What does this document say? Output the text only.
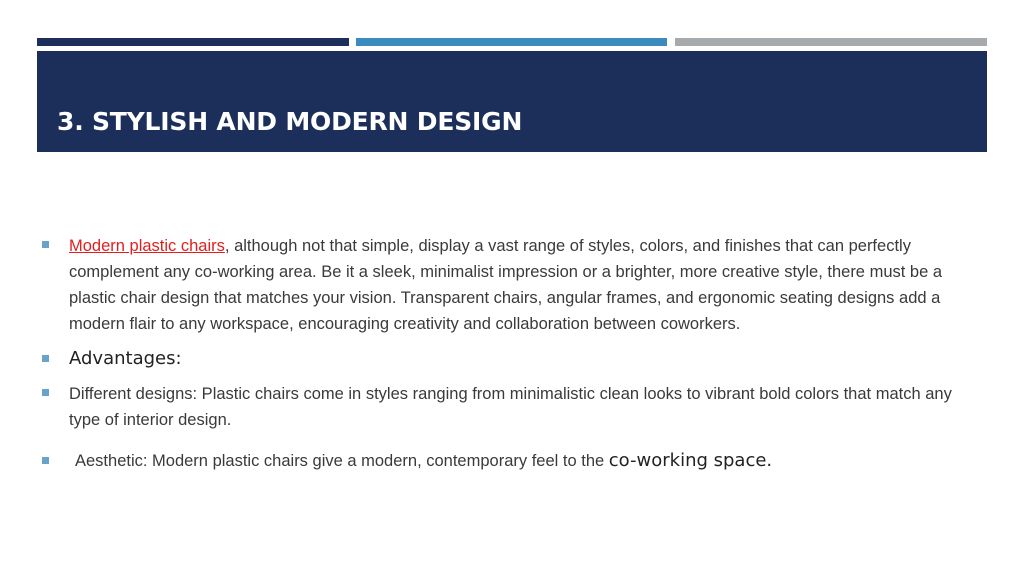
3. STYLISH AND MODERN DESIGN
Modern plastic chairs, although not that simple, display a vast range of styles, colors, and finishes that can perfectly complement any co-working area. Be it a sleek, minimalist impression or a brighter, more creative style, there must be a plastic chair design that matches your vision. Transparent chairs, angular frames, and ergonomic seating designs add a modern flair to any workspace, encouraging creativity and collaboration between coworkers.
Advantages:
Different designs: Plastic chairs come in styles ranging from minimalistic clean looks to vibrant bold colors that match any type of interior design.
Aesthetic: Modern plastic chairs give a modern, contemporary feel to the co-working space.
